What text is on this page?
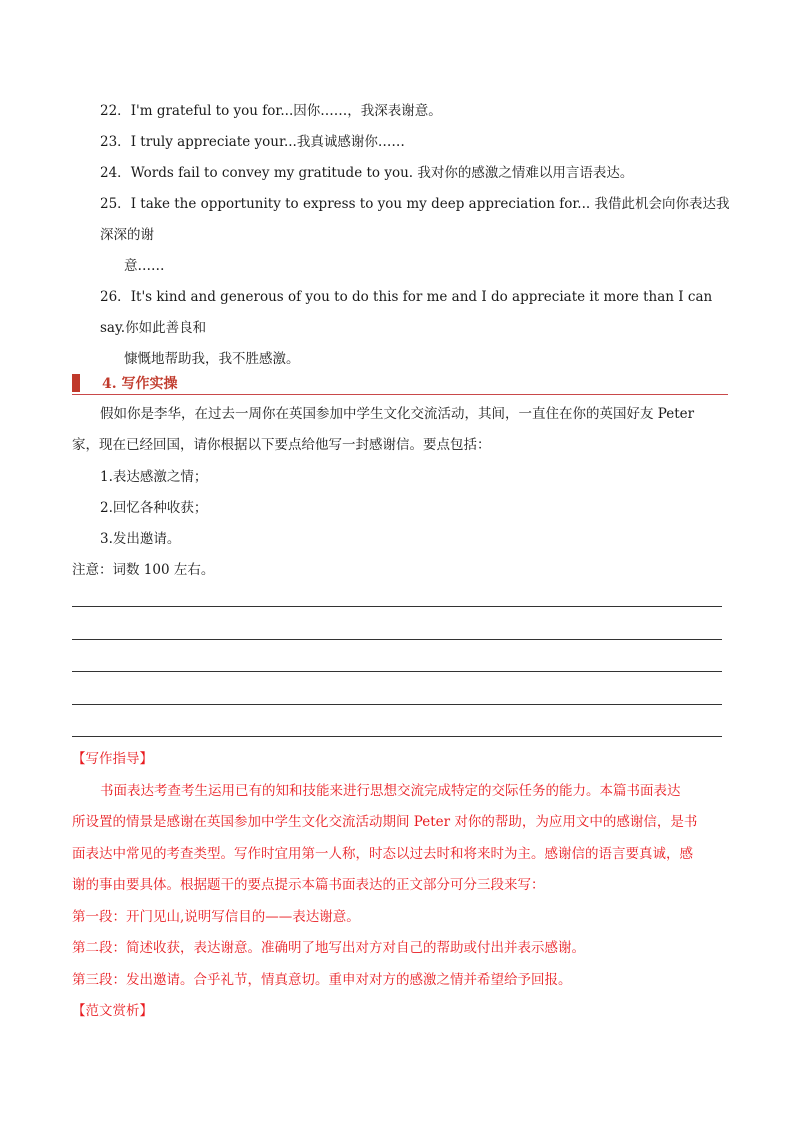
22．I'm grateful to you for...因你……，我深表谢意。
23．I truly appreciate your...我真诚感谢你……
24．Words fail to convey my gratitude to you. 我对你的感激之情难以用言语表达。
25．I take the opportunity to express to you my deep appreciation for... 我借此机会向你表达我深深的谢
意……
26．It's kind and generous of you to do this for me and I do appreciate it more than I can say.你如此善良和
慷慨地帮助我，我不胜感激。
4. 写作实操
假如你是李华，在过去一周你在英国参加中学生文化交流活动，其间，一直住在你的英国好友 Peter
家，现在已经回国，请你根据以下要点给他写一封感谢信。要点包括：
1.表达感激之情；
2.回忆各种收获；
3.发出邀请。
注意：词数 100 左右。
【写作指导】
书面表达考查考生运用已有的知和技能来进行思想交流完成特定的交际任务的能力。本篇书面表达
所设置的情景是感谢在英国参加中学生文化交流活动期间 Peter 对你的帮助，为应用文中的感谢信，是书
面表达中常见的考查类型。写作时宜用第一人称，时态以过去时和将来时为主。感谢信的语言要真诚，感
谢的事由要具体。根据题干的要点提示本篇书面表达的正文部分可分三段来写：
第一段：开门见山,说明写信目的——表达谢意。
第二段：简述收获，表达谢意。准确明了地写出对方对自己的帮助或付出并表示感谢。
第三段：发出邀请。合乎礼节，情真意切。重申对对方的感激之情并希望给予回报。
【范文赏析】
